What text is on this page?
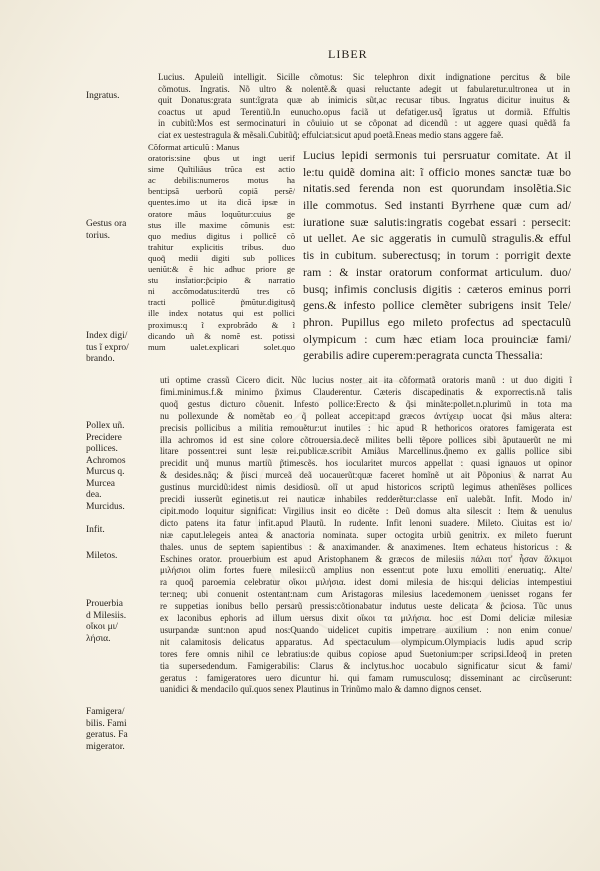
LIBER
Lucius. Apuleiũ intelligit. Sicille cõmotus: Sic telephron dixit indignatione percitus & bile
cõmotus. Ingratis. Nõ ultro & nolentẽ.& quasi reluctante adegit ut fabularetur.ultronea ut in
quit Donatus:grata sunt:ĩgrata quæ ab inimicis sũt,ac recusar tibus. Ingratus dicitur inuitus &
coactus ut apud Terentiũ.In eunucho.opus faciã ut defatiger.usq̃ ĩgratus ut dormiã. Effultis
in cubitũ:Mos est sermocinaturi in côuiuio ut se côponat ad dicendũ : ut aggere quasi quẽdã fa
ciat ex uestestragula & mẽsali.Cubitũq̃; effulciat:sicut apud poetã.Eneas medio stans aggere faẽ.
Cõformat articulũ : Manus
oratoris:sine qbus ut ingt uerif
sime Quĩtiliãus trũca est actio
ac debilis:numeros motus ha
bent:ipsã uerborũ copiã persẽ/
quentes.imo ut ita dicã ipsæ in
oratore mãus loquũtur:cuius ge
stus ille maxime cõmunis est:
quo medius digitus i pollicẽ cõ
trahitur explicitis tribus. duo
quoq̃ medii digiti sub pollices
ueniũt:& ẽ hic adhuc priore ge
stu inst̃atior:p̃cipio & narratio
ni accõmodatus:iterdũ tres cõ
tracti pollicẽ p̃mũtur.digitusq̃
ille index notatus qui est pollici
proximus:q ĩ exprobrãdo & ĩ
dicando uñ & nomẽ est. potissi
mum ualet.explicari solet.quo
Lucius lepidi sermonis tui persruatur comitate. At il
le:tu quidẽ domina ait: ĩ officio mones sanctæ tuæ bo
nitatis.sed ferenda non est quorundam insolẽtia.Sic
ille commotus. Sed instanti Byrrhene quæ cum ad/
iuratione suæ salutis:ingratis cogebat essari : persecit:
ut uellet. Ae sic aggeratis in cumulũ stragulis.& efful
tis in cubitum. suberectusq; in torum : porrigit dexte
ram : & instar oratorum conformat articulum. duo/
busq; infimis conclusis digitis : cæteros eminus porri
gens.& infesto pollice clemẽter subrigens insit Tele/
phron. Pupillus ego mileto profectus ad spectaculũ
olympicum : cum hæc etiam loca prouinciæ fami/
gerabilis adire cuperem:peragrata cuncta Thessalia:
uti optime crassũ Cicero dicit. Nũc lucius noster ait ita cõformatã oratoris manũ : ut duo digiti ĩ
fimi.minimus.f.& minimo p̃ximus Clauderentur. Cæteris discapedinatis & exporrectis.nã talis
quoq̃ gestus dicturo cõuenit. Infesto pollice:Erecto & q̃si minãte:pollet.n.plurimũ in tota ma
nu pollexunde & nomẽtab eo q̃ polleat accepit:apd græcos ἀντίχειρ uocat q̃si mãus altera:
precisis pollicibus a militia remouẽtur:ut inutiles : hic apud R hethoricos oratores famigerata est
illa achromos id est sine colore cõtrouersia.decẽ milites belli tẽpore pollices sibi ãputauerũt ne mi
litare possent:rei sunt lesæ rei.publicæ.scribit Amiãus Marcellinus.q̃nemo ex gallis pollice sibi
precidit unq̃ munus martiũ p̃timescẽs. hos iocularitet murcos appellat : quasi ignauos ut opinor
& desides.nãq; & p̃isci murceã deã uocauerũt:quæ faceret homĩnẽ ut ait Põponius & narrat Au
gustinus murcidũ:idest nimis desidiosũ. olĩ ut apud historicos scriptũ legimus athenĩẽses pollices
precidi iusserũt eginetis.ut rei nauticæ inhabiles redderẽtur:classe enĩ ualebãt. Infit. Modo in/
cipit.modo loquitur significat: Virgilius insit eo dicẽte : Deũ domus alta silescit : Item & uenulus
dicto patens ita fatur infit.apud Plautũ. In rudente. Infit lenoni suadere. Mileto. Ciuitas est io/
niæ caput.lelegeis antea & anactoria nominata. super octogita urbiũ genitrix. ex mileto fuerunt
thales. unus de septem sapientibus : & anaximander. & anaximenes. Item echateus historicus : &
Eschines orator. prouerbium est apud Aristophanem & græcos de milesiis πάλαι ποτ' ἦσαν ἄλκιμοι
μιλήσιοι olim fortes fuere milesii:cũ amplius non essent:ut pote luxu emolliti eneruatiq;. Alte/
ra quoq̃ paroemia celebratur οἴκοι μιλήσια. idest domi milesia de his:qui delicias intempestiui
ter:neq; ubi conuenit ostentant:nam cum Aristagoras milesius lacedemonem uenisset rogans fer
re suppetias ionibus bello persarũ pressis:cõtionabatur indutus ueste delicata & p̃ciosa. Tũc unus
ex laconibus ephoris ad illum uersus dixit οἴκοι τα μιλήσια. hoc est Domi deliciæ milesiæ
usurpandæ sunt:non apud nos:Quando uidelicet cupitis impetrare auxilium : non enim conue/
nit calamitosis delicatus apparatus. Ad spectaculum olympicum.Olympiacis ludis apud scrip
tores fere omnis nihil ce lebratius:de quibus copiose apud Suetonium:per scripsi.Ideoq̃ in preten
tia supersedendum. Famigerabilis: Clarus & inclytus.hoc uocabulo significatur sicut & fami/
geratus : famigeratores uero dicuntur hi. qui famam rumusculosq; disseminant ac circũserunt:
uanidici & mendacilo quĩ.quos senex Plautinus in Trinũmo malo & damno dignos censet.
Ingratus.
Gestus ora
torius.
Index digi/
tus ĩ expro/
brando.
Pollex uñ.
Precidere
pollices.
Achromos
Murcus q.
Murcea
dea.
Murcidus.
Infit.
Miletos.
Prouerbia
d Milesiis.
οἴκοι μι/
λήσια.
Famigera/
bilis. Fami
geratus. Fa
migerator.
